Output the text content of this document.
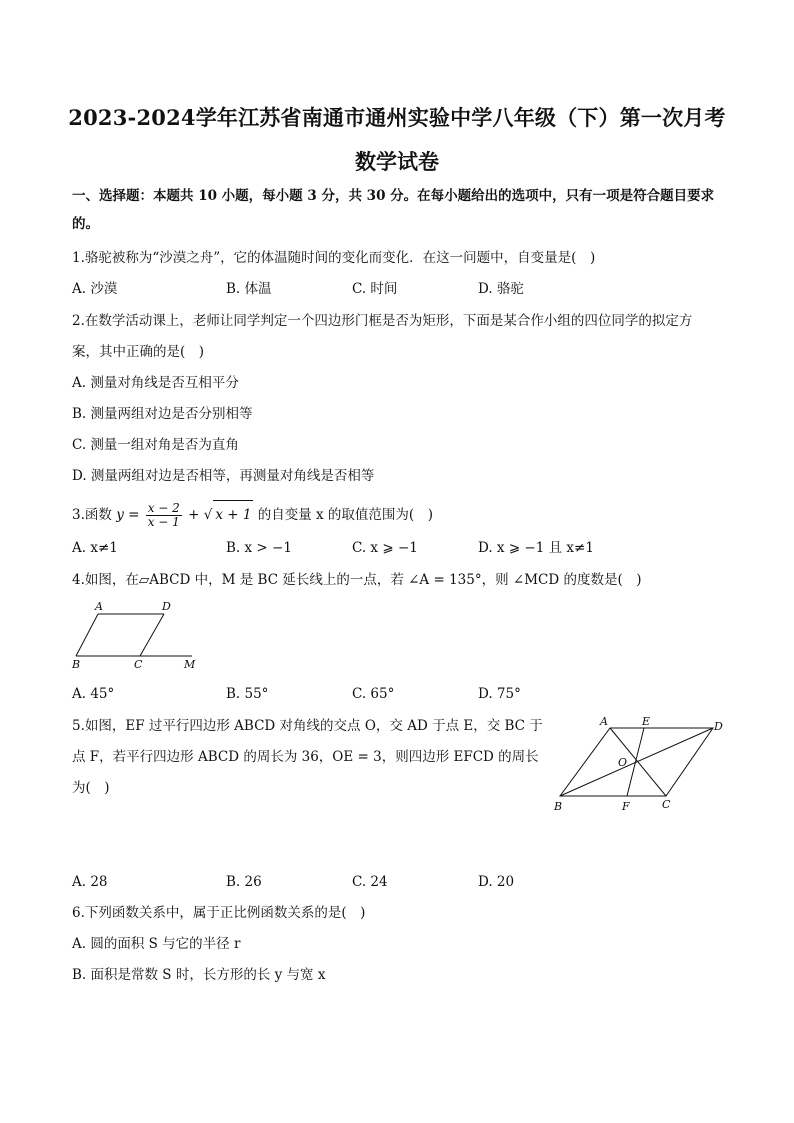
2023-2024学年江苏省南通市通州实验中学八年级（下）第一次月考
数学试卷
一、选择题：本题共 10 小题，每小题 3 分，共 30 分。在每小题给出的选项中，只有一项是符合题目要求
的。
1.骆驼被称为“沙漠之舟”，它的体温随时间的变化而变化．在这一问题中，自变量是(　)
A. 沙漠	B. 体温	C. 时间	D. 骆驼
2.在数学活动课上，老师让同学判定一个四边形门框是否为矩形，下面是某合作小组的四位同学的拟定方
案，其中正确的是(　)
A. 测量对角线是否互相平分
B. 测量两组对边是否分别相等
C. 测量一组对角是否为直角
D. 测量两组对边是否相等，再测量对角线是否相等
3.函数 $y = \frac{x - 2}{x - 1}$ + √ x + 1 的自变量 x 的取值范围为(　)
A. x≠1	B. x > −1	C. x ⩾ −1	D. x ⩾ −1 且 x≠1
4.如图，在▱ABCD 中，M 是 BC 延长线上的一点，若 ∠A = 135°，则 ∠MCD 的度数是(　)
A	D
B	C	M
A. 45°	B. 55°	C. 65°	D. 75°
5.如图，EF 过平行四边形 ABCD 对角线的交点 O，交 AD 于点 E，交 BC 于
点 F，若平行四边形 ABCD 的周长为 36，OE = 3，则四边形 EFCD 的周长
为(　)
A	E	D
O
B	F	C
A. 28	B. 26	C. 24	D. 20
6.下列函数关系中，属于正比例函数关系的是(　)
A. 圆的面积 S 与它的半径 r
B. 面积是常数 S 时，长方形的长 y 与宽 x
